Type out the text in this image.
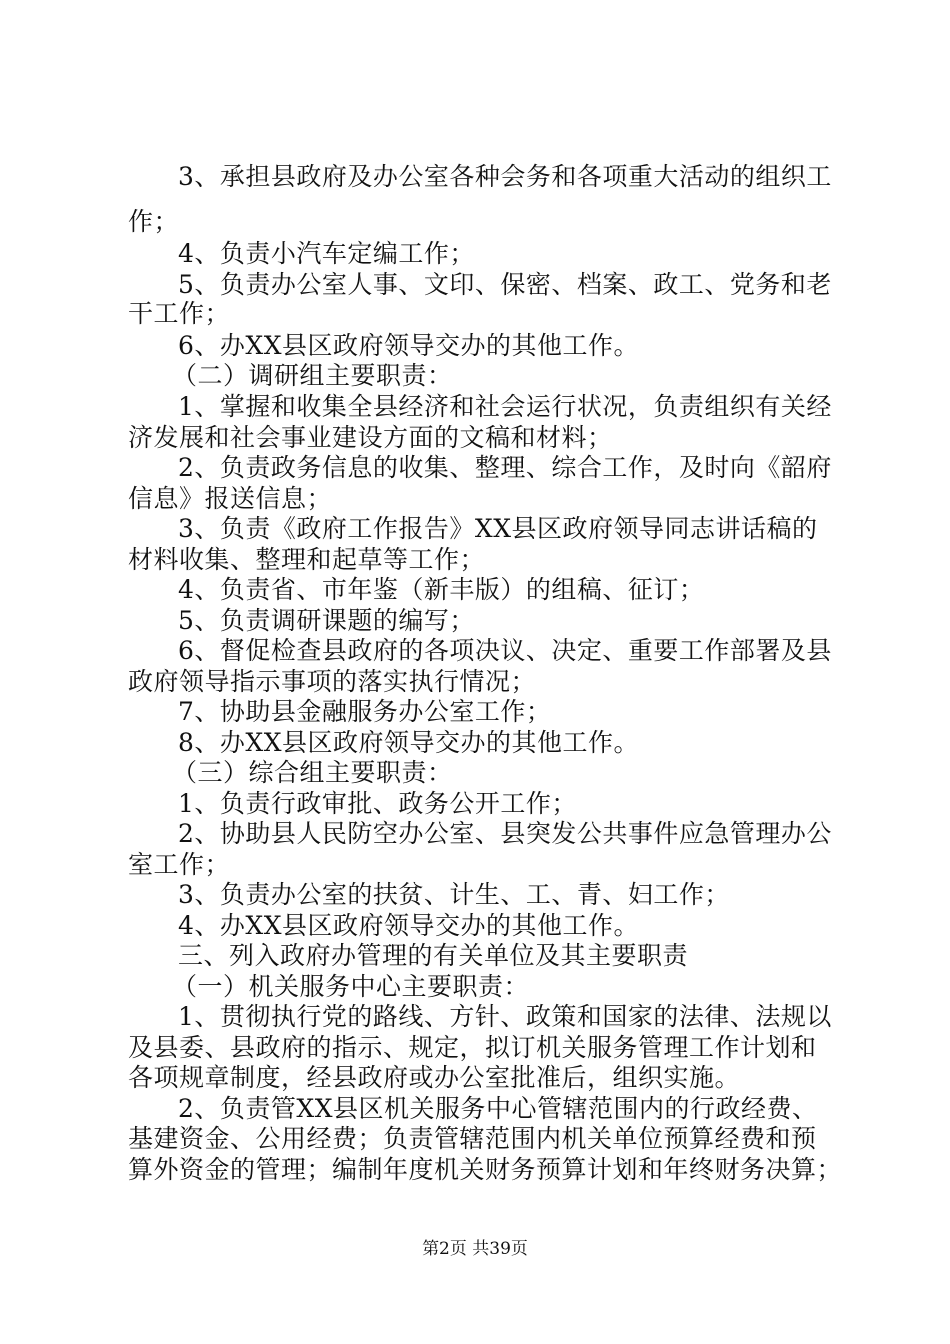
3、承担县政府及办公室各种会务和各项重大活动的组织工
作；
4、负责小汽车定编工作；
5、负责办公室人事、文印、保密、档案、政工、党务和老
干工作；
6、办XX县区政府领导交办的其他工作。
（二）调研组主要职责：
1、掌握和收集全县经济和社会运行状况，负责组织有关经
济发展和社会事业建设方面的文稿和材料；
2、负责政务信息的收集、整理、综合工作，及时向《韶府
信息》报送信息；
3、负责《政府工作报告》XX县区政府领导同志讲话稿的
材料收集、整理和起草等工作；
4、负责省、市年鉴（新丰版）的组稿、征订；
5、负责调研课题的编写；
6、督促检查县政府的各项决议、决定、重要工作部署及县
政府领导指示事项的落实执行情况；
7、协助县金融服务办公室工作；
8、办XX县区政府领导交办的其他工作。
（三）综合组主要职责：
1、负责行政审批、政务公开工作；
2、协助县人民防空办公室、县突发公共事件应急管理办公
室工作；
3、负责办公室的扶贫、计生、工、青、妇工作；
4、办XX县区政府领导交办的其他工作。
三、列入政府办管理的有关单位及其主要职责
（一）机关服务中心主要职责：
1、贯彻执行党的路线、方针、政策和国家的法律、法规以
及县委、县政府的指示、规定，拟订机关服务管理工作计划和
各项规章制度，经县政府或办公室批准后，组织实施。
2、负责管XX县区机关服务中心管辖范围内的行政经费、
基建资金、公用经费；负责管辖范围内机关单位预算经费和预
算外资金的管理；编制年度机关财务预算计划和年终财务决算；
第2页 共39页
